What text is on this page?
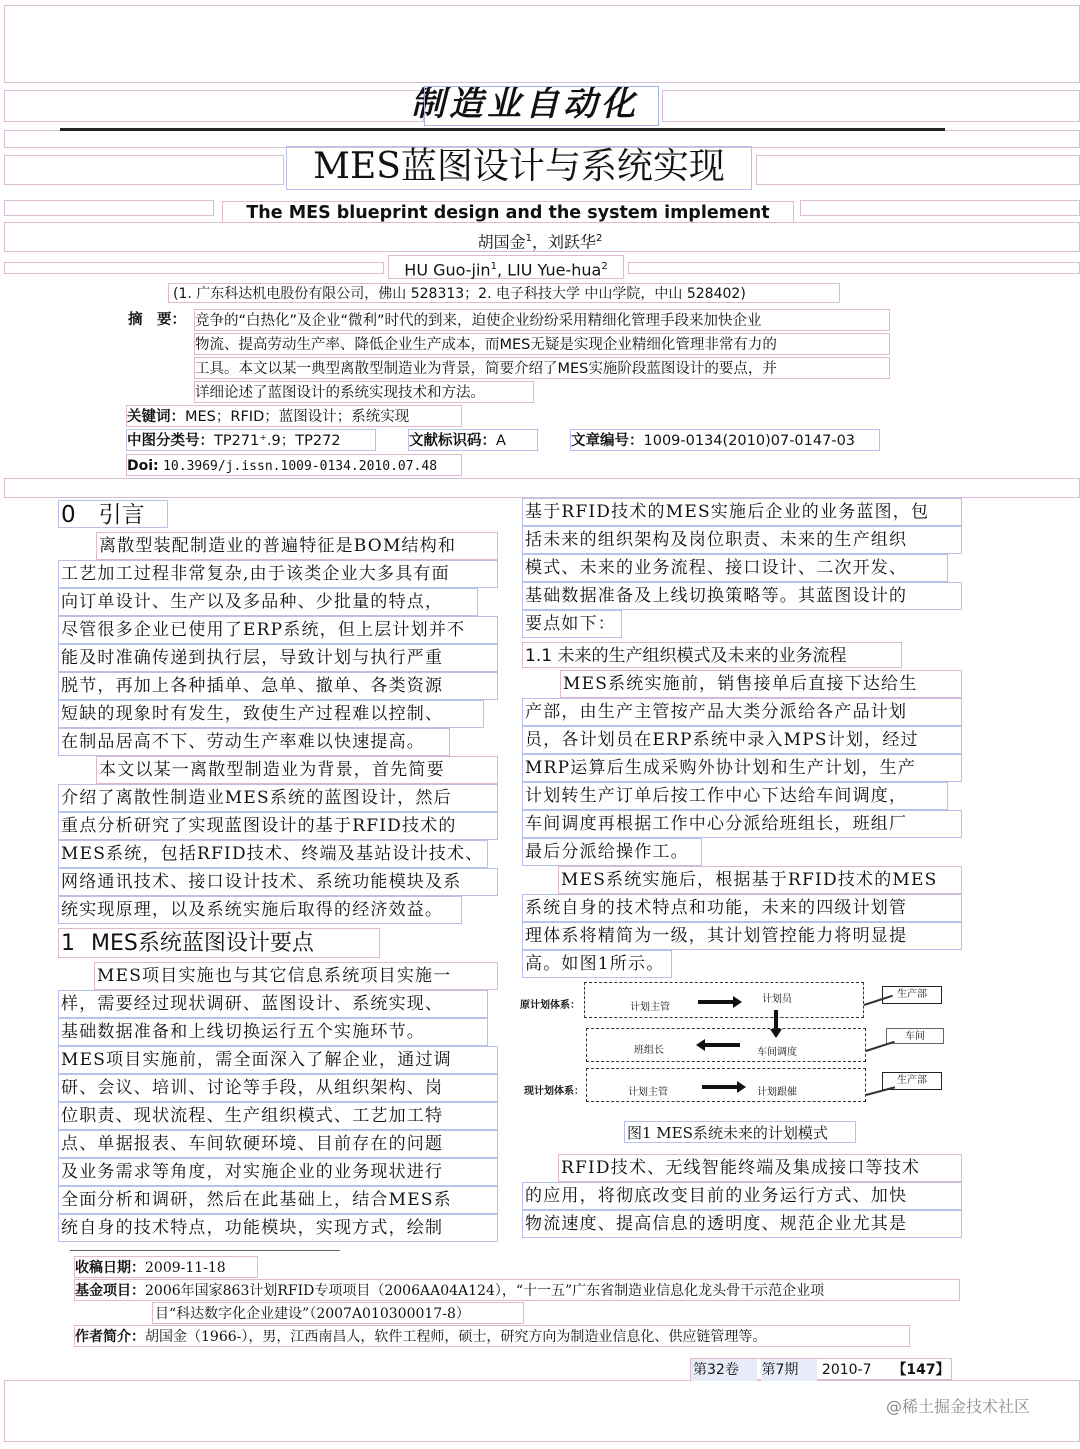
制造业自动化
MES蓝图设计与系统实现
The MES blueprint design and the system implement
胡国金$^1$，刘跃华$^2$
HU Guo-jin$^1$, LIU Yue-hua$^2$
(1. 广东科达机电股份有限公司，佛山 528313；2. 电子科技大学 中山学院，中山 528402)
摘　要： 竞争的“白热化”及企业“微利”时代的到来，迫使企业纷纷采用精细化管理手段来加快企业
物流、提高劳动生产率、降低企业生产成本，而MES无疑是实现企业精细化管理非常有力的
工具。本文以某一典型离散型制造业为背景，简要介绍了MES实施阶段蓝图设计的要点，并
详细论述了蓝图设计的系统实现技术和方法。
关键词：MES；RFID；蓝图设计；系统实现
中图分类号：TP271⁺.9；TP272	文献标识码：A	文章编号：1009-0134(2010)07-0147-03
Doi: 10.3969/j.issn.1009-0134.2010.07.48
0　引言
离散型装配制造业的普遍特征是BOM结构和
工艺加工过程非常复杂,由于该类企业大多具有面
向订单设计、生产以及多品种、少批量的特点，
尽管很多企业已使用了ERP系统，但上层计划并不
能及时准确传递到执行层，导致计划与执行严重
脱节，再加上各种插单、急单、撤单、各类资源
短缺的现象时有发生，致使生产过程难以控制、
在制品居高不下、劳动生产率难以快速提高。
本文以某一离散型制造业为背景，首先简要
介绍了离散性制造业MES系统的蓝图设计，然后
重点分析研究了实现蓝图设计的基于RFID技术的
MES系统，包括RFID技术、终端及基站设计技术、
网络通讯技术、接口设计技术、系统功能模块及系
统实现原理，以及系统实施后取得的经济效益。
1 MES系统蓝图设计要点
MES项目实施也与其它信息系统项目实施一
样，需要经过现状调研、蓝图设计、系统实现、
基础数据准备和上线切换运行五个实施环节。
MES项目实施前，需全面深入了解企业，通过调
研、会议、培训、讨论等手段，从组织架构、岗
位职责、现状流程、生产组织模式、工艺加工特
点、单据报表、车间软硬环境、目前存在的问题
及业务需求等角度，对实施企业的业务现状进行
全面分析和调研，然后在此基础上，结合MES系
统自身的技术特点，功能模块，实现方式，绘制
基于RFID技术的MES实施后企业的业务蓝图，包
括未来的组织架构及岗位职责、未来的生产组织
模式、未来的业务流程、接口设计、二次开发、
基础数据准备及上线切换策略等。其蓝图设计的
要点如下：
1.1 未来的生产组织模式及未来的业务流程
MES系统实施前，销售接单后直接下达给生
产部，由生产主管按产品大类分派给各产品计划
员，各计划员在ERP系统中录入MPS计划，经过
MRP运算后生成采购外协计划和生产计划，生产
计划转生产订单后按工作中心下达给车间调度，
车间调度再根据工作中心分派给班组长，班组厂
最后分派给操作工。
MES系统实施后，根据基于RFID技术的MES
系统自身的技术特点和功能，未来的四级计划管
理体系将精简为一级，其计划管控能力将明显提
高。如图1所示。
原计划体系：	计划主管
计划员	生产部
班组长	车间调度
车间
现计划体系：	计划主管	计划跟催
生产部
图1 MES系统未来的计划模式
RFID技术、无线智能终端及集成接口等技术
的应用，将彻底改变目前的业务运行方式、加快
物流速度、提高信息的透明度、规范企业尤其是
收稿日期：2009-11-18
基金项目：2006年国家863计划RFID专项项目（2006AA04A124），“十一五”广东省制造业信息化龙头骨干示范企业项
目“科达数字化企业建设”（2007A010300017-8）
作者简介：胡国金（1966-），男，江西南昌人，软件工程师，硕士，研究方向为制造业信息化、供应链管理等。
第32卷 第7期 2010-7 【147】
@稀土掘金技术社区
